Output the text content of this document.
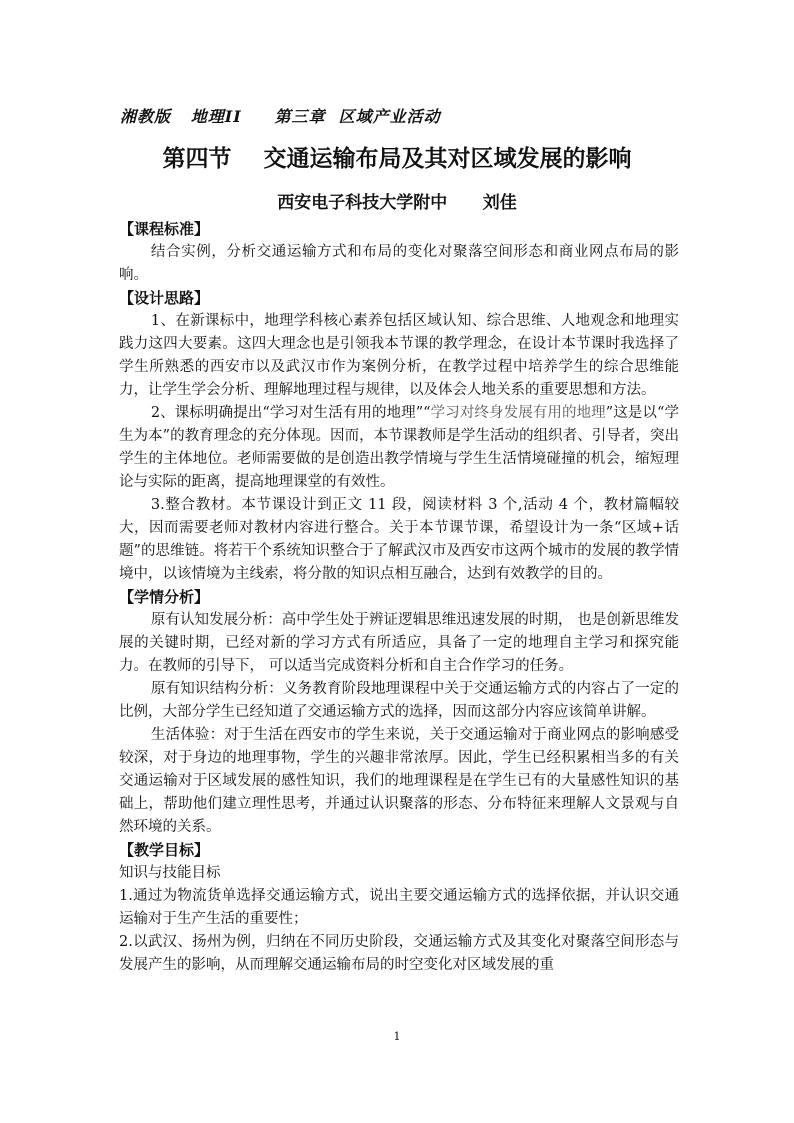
湘教版   地理ⅠⅠ     第三章  区域产业活动
第四节    交通运输布局及其对区域发展的影响
西安电子科技大学附中      刘佳

【课程标准】

结合实例，分析交通运输方式和布局的变化对聚落空间形态和商业网点布局的影响。

【设计思路】

1、在新课标中，地理学科核心素养包括区域认知、综合思维、人地观念和地理实践力这四大要素。这四大理念也是引领我本节课的教学理念，在设计本节课时我选择了学生所熟悉的西安市以及武汉市作为案例分析，在教学过程中培养学生的综合思维能力，让学生学会分析、理解地理过程与规律，以及体会人地关系的重要思想和方法。

2、课标明确提出“学习对生活有用的地理”“学习对终身发展有用的地理”这是以“学生为本”的教育理念的充分体现。因而，本节课教师是学生活动的组织者、引导者，突出学生的主体地位。老师需要做的是创造出教学情境与学生生活情境碰撞的机会，缩短理论与实际的距离，提高地理课堂的有效性。

3.整合教材。本节课设计到正文 11 段，阅读材料 3 个,活动 4 个，教材篇幅较大，因而需要老师对教材内容进行整合。关于本节课节课，希望设计为一条“区域+话题”的思维链。将若干个系统知识整合于了解武汉市及西安市这两个城市的发展的教学情境中，以该情境为主线索，将分散的知识点相互融合，达到有效教学的目的。

【学情分析】

原有认知发展分析：高中学生处于辨证逻辑思维迅速发展的时期， 也是创新思维发展的关键时期，已经对新的学习方式有所适应，具备了一定的地理自主学习和探究能力。在教师的引导下， 可以适当完成资料分析和自主合作学习的任务。

原有知识结构分析：义务教育阶段地理课程中关于交通运输方式的内容占了一定的比例，大部分学生已经知道了交通运输方式的选择，因而这部分内容应该简单讲解。

生活体验：对于生活在西安市的学生来说，关于交通运输对于商业网点的影响感受较深，对于身边的地理事物，学生的兴趣非常浓厚。因此，学生已经积累相当多的有关交通运输对于区域发展的感性知识，我们的地理课程是在学生已有的大量感性知识的基础上，帮助他们建立理性思考，并通过认识聚落的形态、分布特征来理解人文景观与自然环境的关系。

【教学目标】

知识与技能目标

1.通过为物流货单选择交通运输方式，说出主要交通运输方式的选择依据，并认识交通运输对于生产生活的重要性；

2.以武汉、扬州为例，归纳在不同历史阶段，交通运输方式及其变化对聚落空间形态与发展产生的影响，从而理解交通运输布局的时空变化对区域发展的重

1
